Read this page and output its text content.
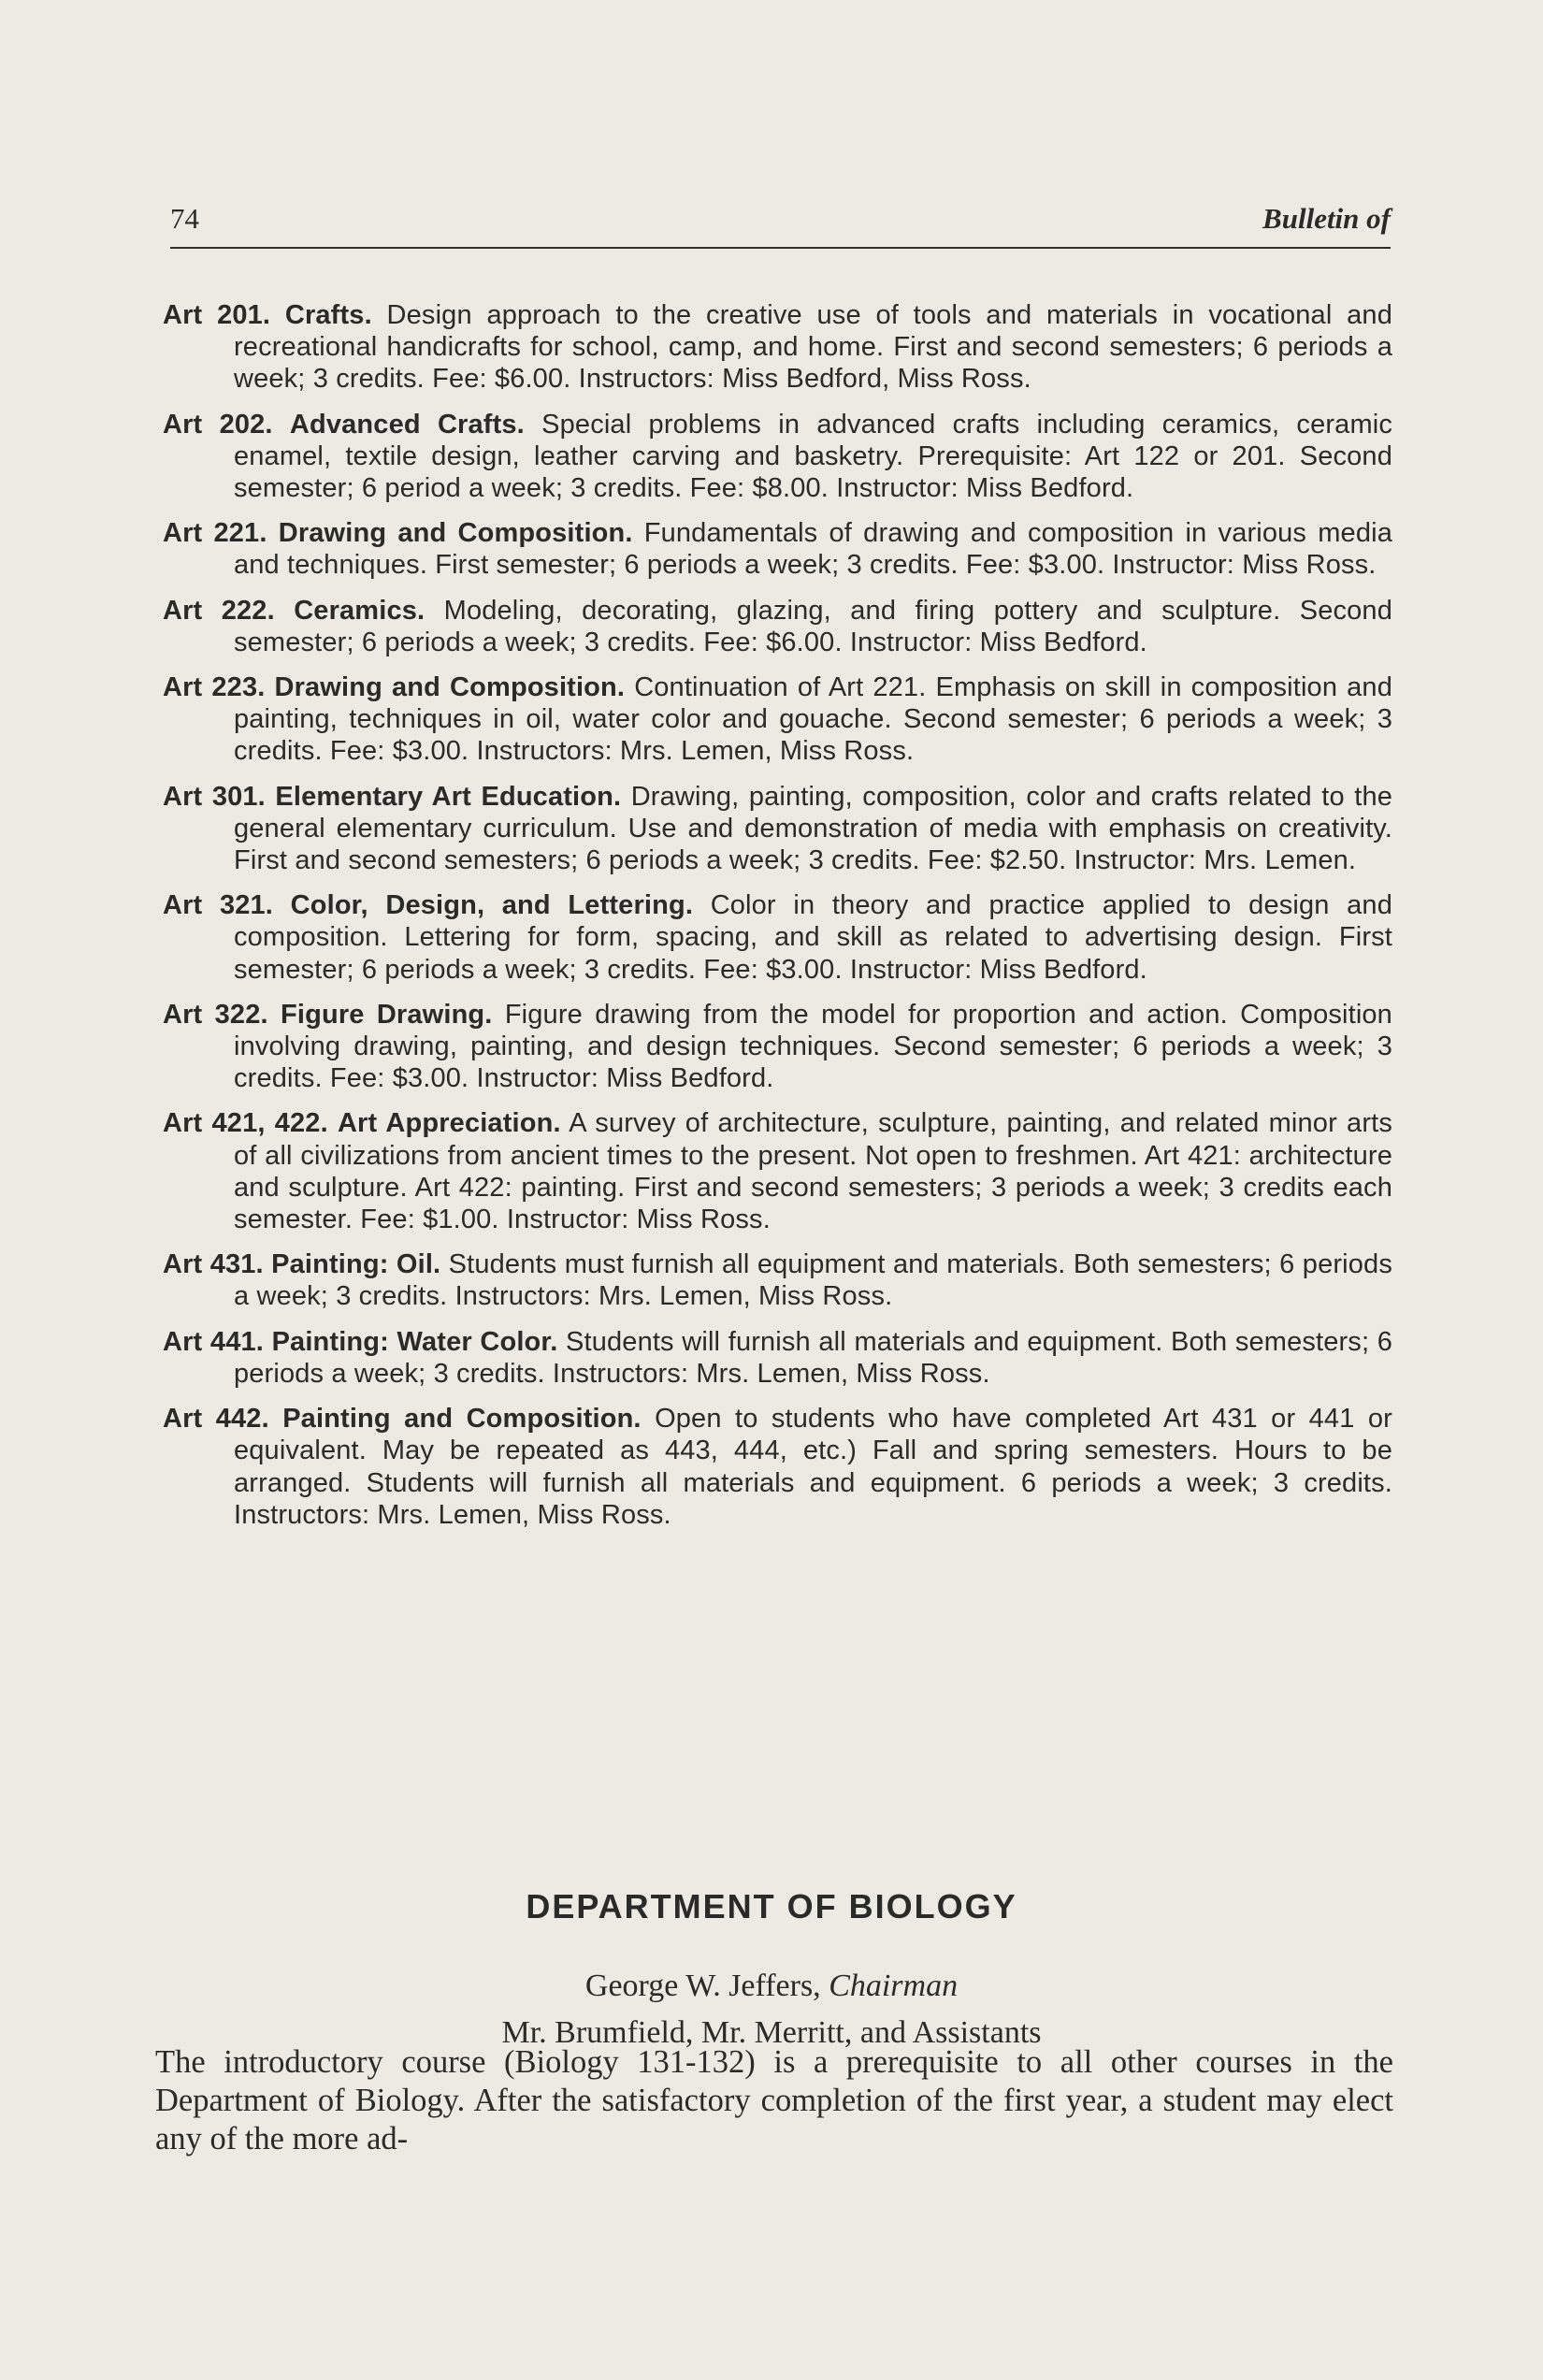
74	Bulletin of

Art 201. Crafts. Design approach to the creative use of tools and materials in vocational and recreational handicrafts for school, camp, and home. First and second semesters; 6 periods a week; 3 credits. Fee: $6.00. Instructors: Miss Bedford, Miss Ross.

Art 202. Advanced Crafts. Special problems in advanced crafts including ceramics, ceramic enamel, textile design, leather carving and basketry. Prerequisite: Art 122 or 201. Second semester; 6 period a week; 3 credits. Fee: $8.00. Instructor: Miss Bedford.

Art 221. Drawing and Composition. Fundamentals of drawing and composition in various media and techniques. First semester; 6 periods a week; 3 credits. Fee: $3.00. Instructor: Miss Ross.

Art 222. Ceramics. Modeling, decorating, glazing, and firing pottery and sculpture. Second semester; 6 periods a week; 3 credits. Fee: $6.00. Instructor: Miss Bedford.

Art 223. Drawing and Composition. Continuation of Art 221. Emphasis on skill in composition and painting, techniques in oil, water color and gouache. Second semester; 6 periods a week; 3 credits. Fee: $3.00. Instructors: Mrs. Lemen, Miss Ross.

Art 301. Elementary Art Education. Drawing, painting, composition, color and crafts related to the general elementary curriculum. Use and demonstration of media with emphasis on creativity. First and second semesters; 6 periods a week; 3 credits. Fee: $2.50. Instructor: Mrs. Lemen.

Art 321. Color, Design, and Lettering. Color in theory and practice applied to design and composition. Lettering for form, spacing, and skill as related to advertising design. First semester; 6 periods a week; 3 credits. Fee: $3.00. Instructor: Miss Bedford.

Art 322. Figure Drawing. Figure drawing from the model for proportion and action. Composition involving drawing, painting, and design techniques. Second semester; 6 periods a week; 3 credits. Fee: $3.00. Instructor: Miss Bedford.

Art 421, 422. Art Appreciation. A survey of architecture, sculpture, painting, and related minor arts of all civilizations from ancient times to the present. Not open to freshmen. Art 421: architecture and sculpture. Art 422: painting. First and second semesters; 3 periods a week; 3 credits each semester. Fee: $1.00. Instructor: Miss Ross.

Art 431. Painting: Oil. Students must furnish all equipment and materials. Both semesters; 6 periods a week; 3 credits. Instructors: Mrs. Lemen, Miss Ross.

Art 441. Painting: Water Color. Students will furnish all materials and equipment. Both semesters; 6 periods a week; 3 credits. Instructors: Mrs. Lemen, Miss Ross.

Art 442. Painting and Composition. Open to students who have completed Art 431 or 441 or equivalent. May be repeated as 443, 444, etc.) Fall and spring semesters. Hours to be arranged. Students will furnish all materials and equipment. 6 periods a week; 3 credits. Instructors: Mrs. Lemen, Miss Ross.

DEPARTMENT OF BIOLOGY
George W. Jeffers, Chairman
Mr. Brumfield, Mr. Merritt, and Assistants

The introductory course (Biology 131-132) is a prerequisite to all other courses in the Department of Biology. After the satisfactory completion of the first year, a student may elect any of the more ad-
